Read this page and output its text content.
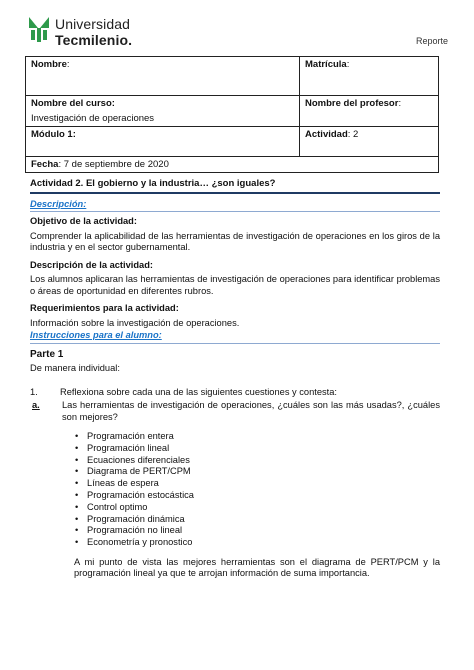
Universidad
Tecmilenio.	Reporte
Nombre:	Matrícula:

Nombre del curso:
Investigación de operaciones	Nombre del profesor:
Módulo 1:	Actividad: 2
Fecha: 7 de septiembre de 2020	
Actividad 2. El gobierno y la industria… ¿son iguales?
Descripción:
Objetivo de la actividad:
Comprender la aplicabilidad de las herramientas de investigación de operaciones en los giros de la industria y en el sector gubernamental.
Descripción de la actividad:
Los alumnos aplicaran las herramientas de investigación de operaciones para identificar problemas o áreas de oportunidad en diferentes rubros.
Requerimientos para la actividad:
Información sobre la investigación de operaciones.
Instrucciones para el alumno:
Parte 1
De manera individual:
1.	Reflexiona sobre cada una de las siguientes cuestiones y contesta:
a.	Las herramientas de investigación de operaciones, ¿cuáles son las más usadas?, ¿cuáles son mejores?
• Programación entera
• Programación lineal
• Ecuaciones diferenciales
• Diagrama de PERT/CPM
• Líneas de espera
• Programación estocástica
• Control optimo
• Programación dinámica
• Programación no lineal
• Econometría y pronostico
A mi punto de vista las mejores herramientas son el diagrama de PERT/PCM y la programación lineal ya que te arrojan información de suma importancia.
